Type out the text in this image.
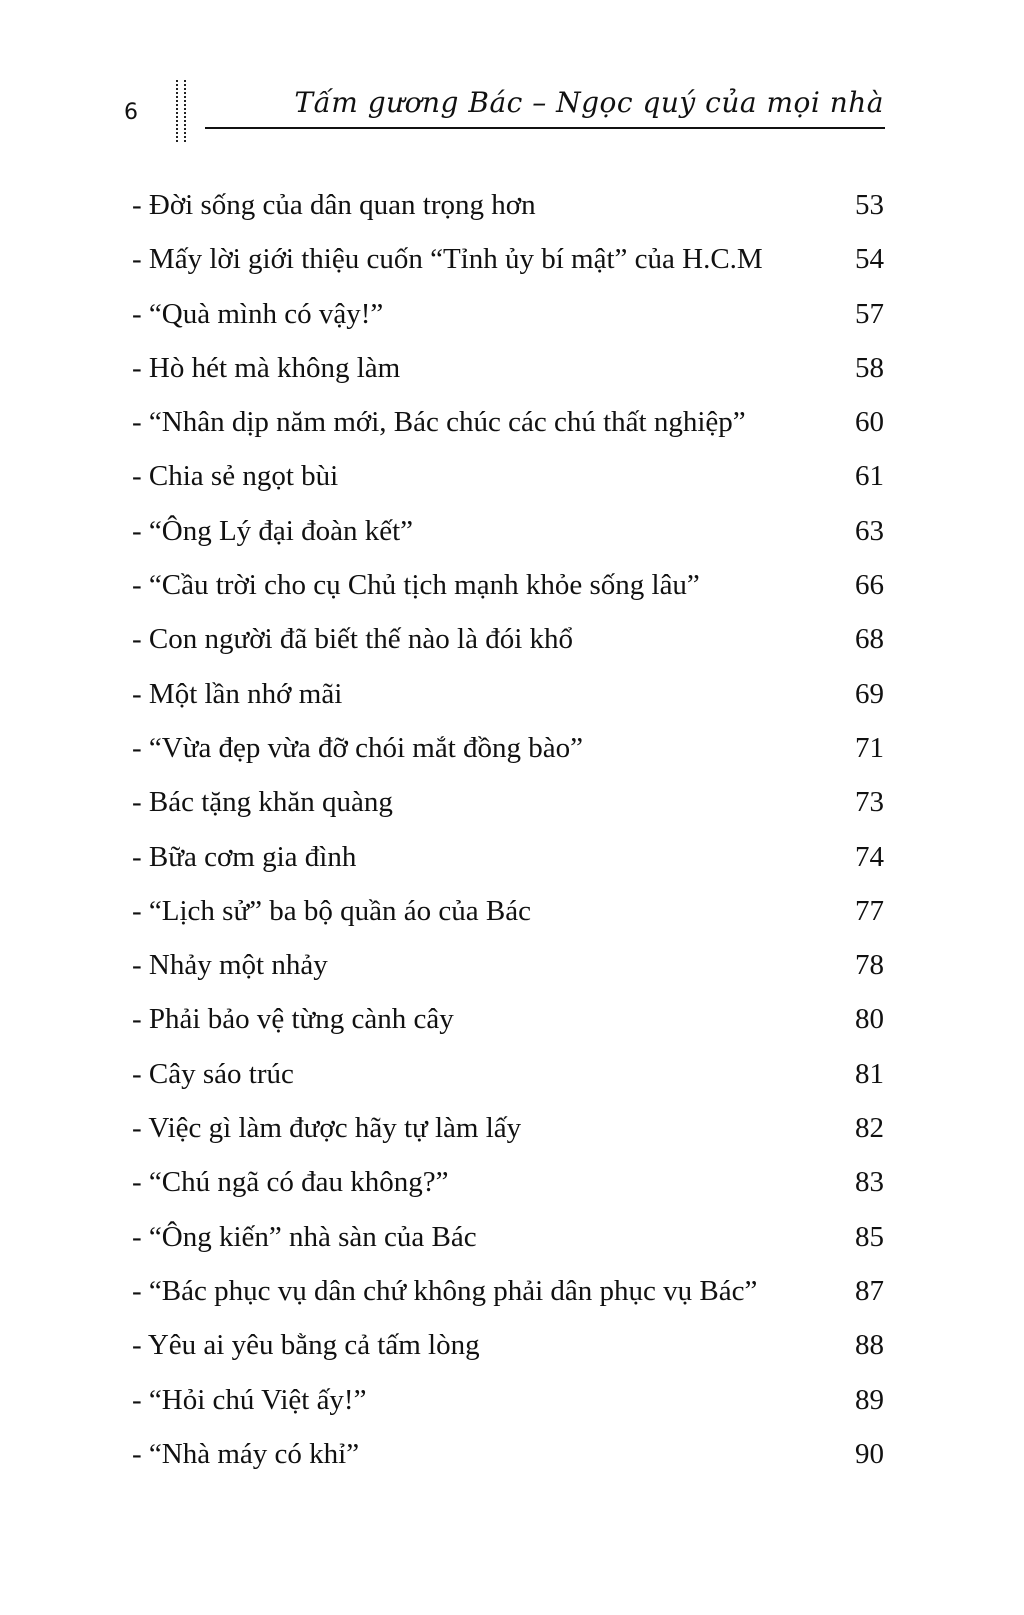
6	Tấm gương Bác – Ngọc quý của mọi nhà
- Đời sống của dân quan trọng hơn	53
- Mấy lời giới thiệu cuốn “Tỉnh ủy bí mật” của H.C.M	54
- “Quà mình có vậy!”	57
- Hò hét mà không làm	58
- “Nhân dịp năm mới, Bác chúc các chú thất nghiệp”	60
- Chia sẻ ngọt bùi	61
- “Ông Lý đại đoàn kết”	63
- “Cầu trời cho cụ Chủ tịch mạnh khỏe sống lâu”	66
- Con người đã biết thế nào là đói khổ	68
- Một lần nhớ mãi	69
- “Vừa đẹp vừa đỡ chói mắt đồng bào”	71
- Bác tặng khăn quàng	73
- Bữa cơm gia đình	74
- “Lịch sử” ba bộ quần áo của Bác	77
- Nhảy một nhảy	78
- Phải bảo vệ từng cành cây	80
- Cây sáo trúc	81
- Việc gì làm được hãy tự làm lấy	82
- “Chú ngã có đau không?”	83
- “Ông kiến” nhà sàn của Bác	85
- “Bác phục vụ dân chứ không phải dân phục vụ Bác”	87
- Yêu ai yêu bằng cả tấm lòng	88
- “Hỏi chú Việt ấy!”	89
- “Nhà máy có khỉ”	90
